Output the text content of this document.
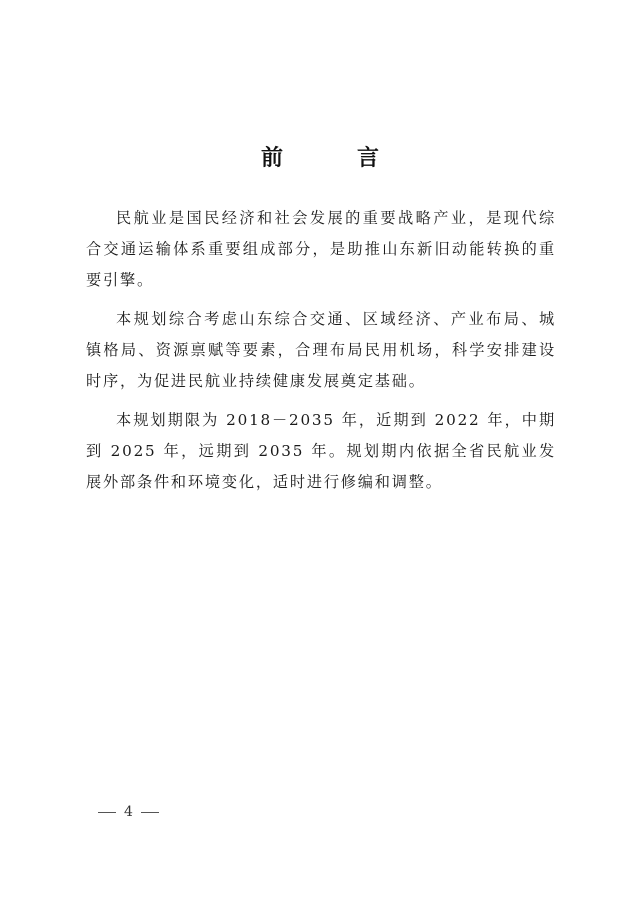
前　言

民航业是国民经济和社会发展的重要战略产业，是现代综合交通运输体系重要组成部分，是助推山东新旧动能转换的重要引擎。

本规划综合考虑山东综合交通、区域经济、产业布局、城镇格局、资源禀赋等要素，合理布局民用机场，科学安排建设时序，为促进民航业持续健康发展奠定基础。

本规划期限为 2018－2035 年，近期到 2022 年，中期到 2025 年，远期到 2035 年。规划期内依据全省民航业发展外部条件和环境变化，适时进行修编和调整。

4
